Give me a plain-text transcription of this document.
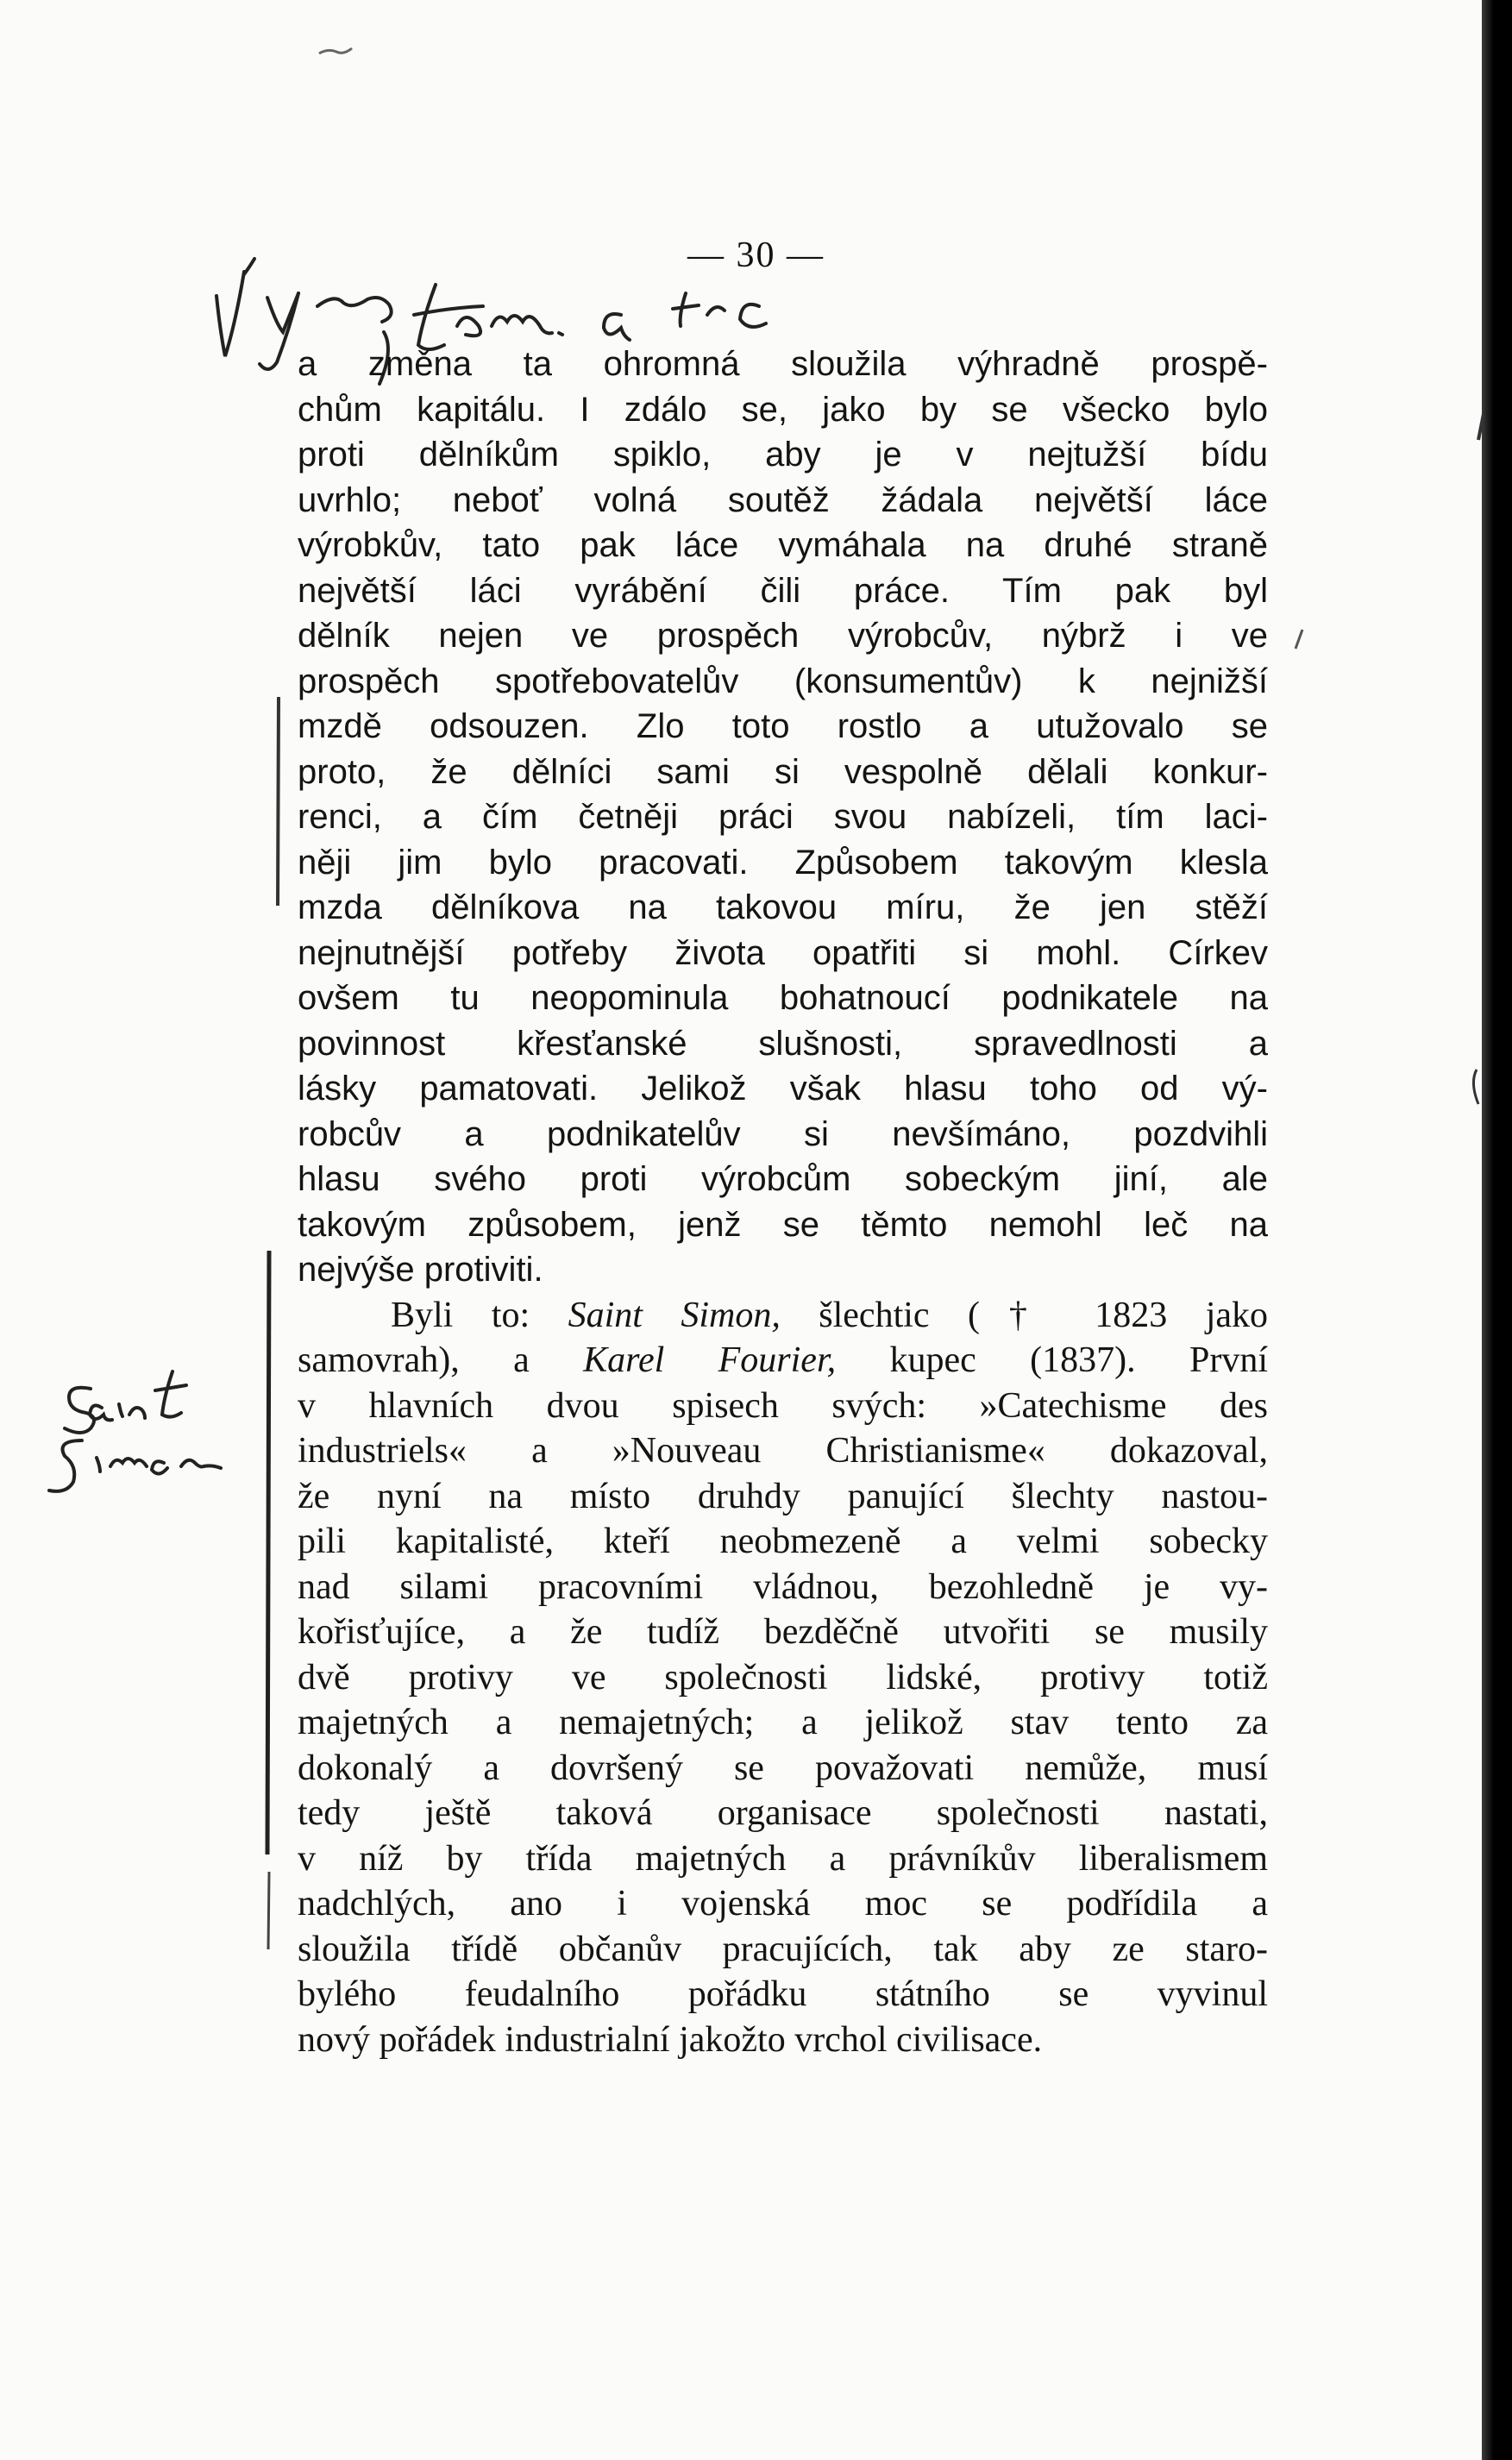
— 30 —
a změna ta ohromná sloužila výhradně prospě-
chům kapitálu. I zdálo se, jako by se všecko bylo
proti dělníkům spiklo, aby je v nejtužší bídu
uvrhlo; neboť volná soutěž žádala největší láce
výrobkův, tato pak láce vymáhala na druhé straně
největší láci vyrábění čili práce. Tím pak byl
dělník nejen ve prospěch výrobcův, nýbrž i ve
prospěch spotřebovatelův (konsumentův) k nejnižší
mzdě odsouzen. Zlo toto rostlo a utužovalo se
proto, že dělníci sami si vespolně dělali konkur-
renci, a čím četněji práci svou nabízeli, tím laci-
něji jim bylo pracovati. Způsobem takovým klesla
mzda dělníkova na takovou míru, že jen stěží
nejnutnější potřeby života opatřiti si mohl. Církev
ovšem tu neopominula bohatnoucí podnikatele na
povinnost křesťanské slušnosti, spravedlnosti a
lásky pamatovati. Jelikož však hlasu toho od vý-
robcův a podnikatelův si nevšímáno, pozdvihli
hlasu svého proti výrobcům sobeckým jiní, ale
takovým způsobem, jenž se těmto nemohl leč na
nejvýše protiviti.
Byli to: Saint Simon, šlechtic († 1823 jako
samovrah), a Karel Fourier, kupec (1837). První
v hlavních dvou spisech svých: »Catechisme des
industriels« a »Nouveau Christianisme« dokazoval,
že nyní na místo druhdy panující šlechty nastou-
pili kapitalisté, kteří neobmezeně a velmi sobecky
nad silami pracovními vládnou, bezohledně je vy-
kořisťujíce, a že tudíž bezděčně utvořiti se musily
dvě protivy ve společnosti lidské, protivy totiž
majetných a nemajetných; a jelikož stav tento za
dokonalý a dovršený se považovati nemůže, musí
tedy ještě taková organisace společnosti nastati,
v níž by třída majetných a právníkův liberalismem
nadchlých, ano i vojenská moc se podřídila a
sloužila třídě občanův pracujících, tak aby ze staro-
bylého feudalního pořádku státního se vyvinul
nový pořádek industrialní jakožto vrchol civilisace.
